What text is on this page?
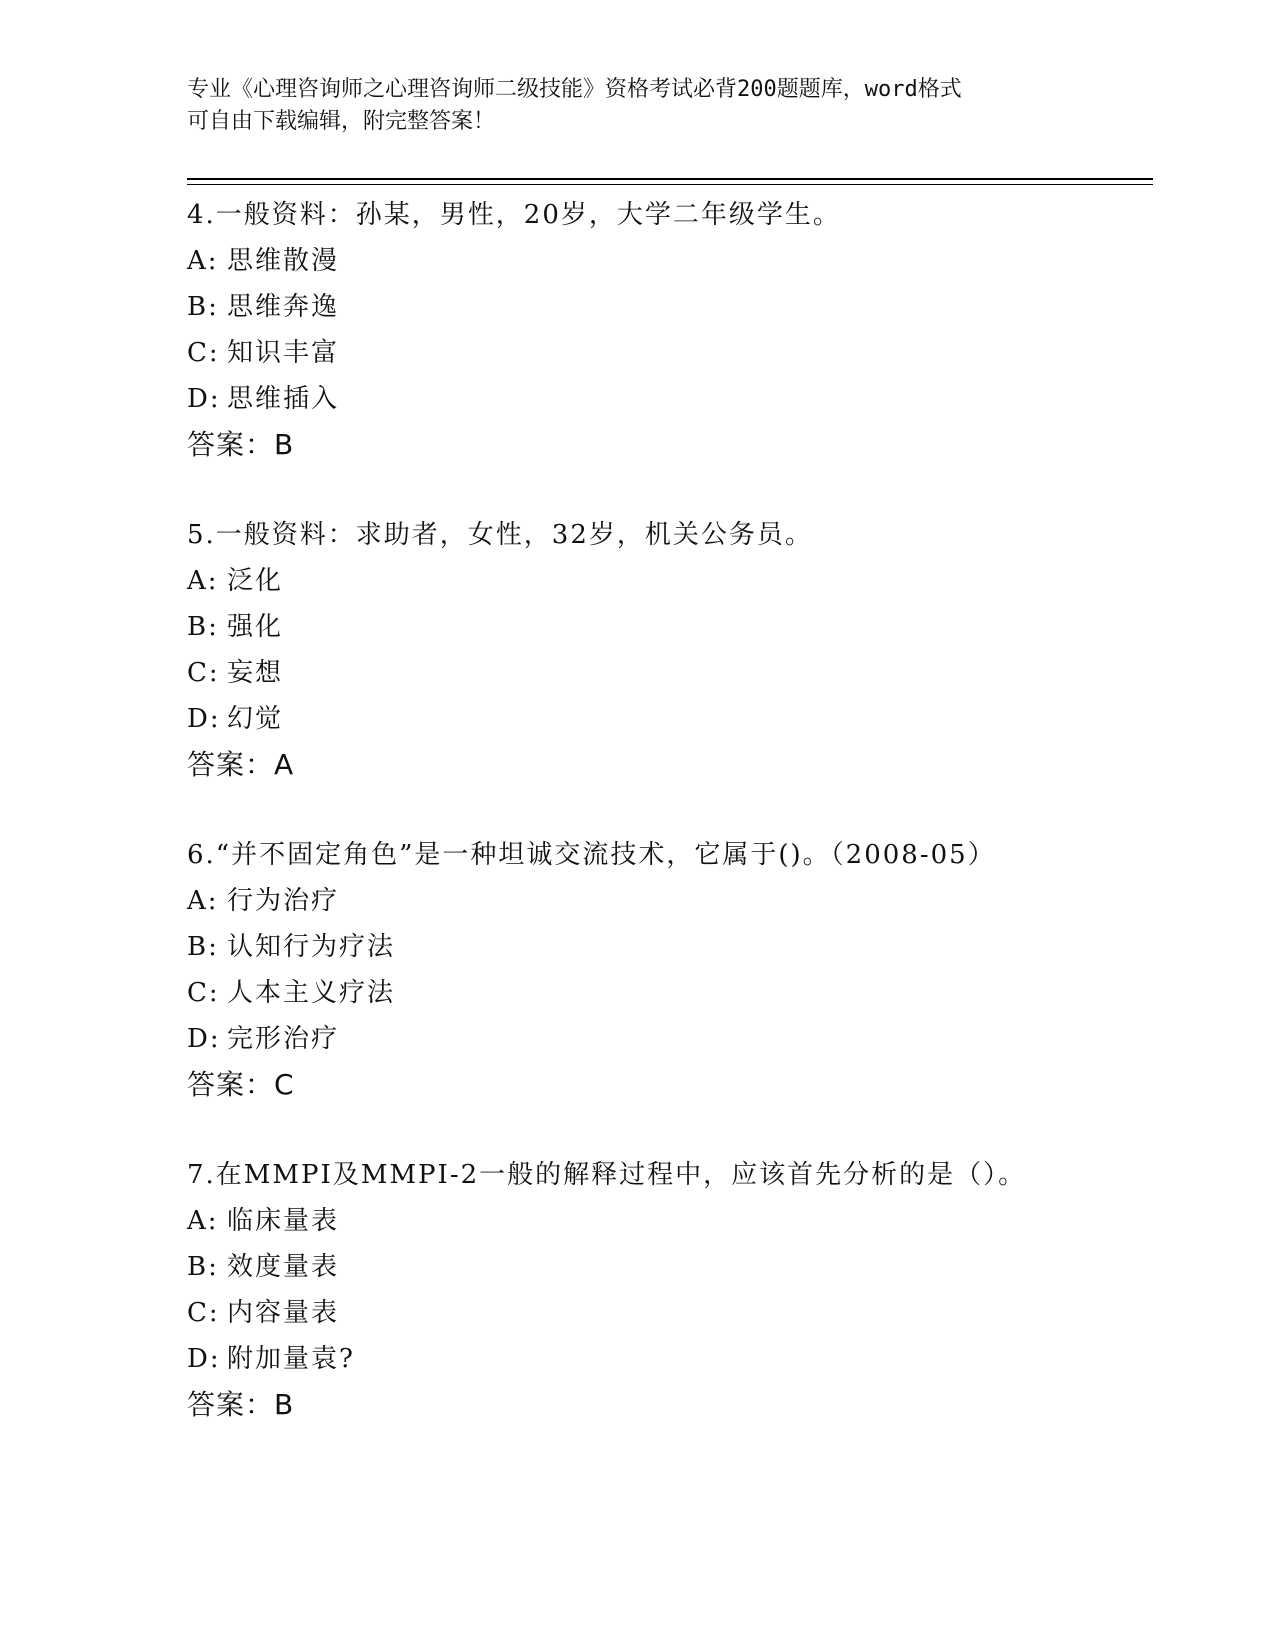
专业《心理咨询师之心理咨询师二级技能》资格考试必背200题题库，word格式
可自由下载编辑，附完整答案！
4.一般资料：孙某，男性，20岁，大学二年级学生。
A: 思维散漫
B: 思维奔逸
C: 知识丰富
D: 思维插入
答案：B
5.一般资料：求助者，女性，32岁，机关公务员。
A: 泛化
B: 强化
C: 妄想
D: 幻觉
答案：A
6.“并不固定角色”是一种坦诚交流技术，它属于()。（2008-05）
A: 行为治疗
B: 认知行为疗法
C: 人本主义疗法
D: 完形治疗
答案：C
7.在MMPI及MMPI-2一般的解释过程中，应该首先分析的是（）。
A: 临床量表
B: 效度量表
C: 内容量表
D: 附加量袁?
答案：B
